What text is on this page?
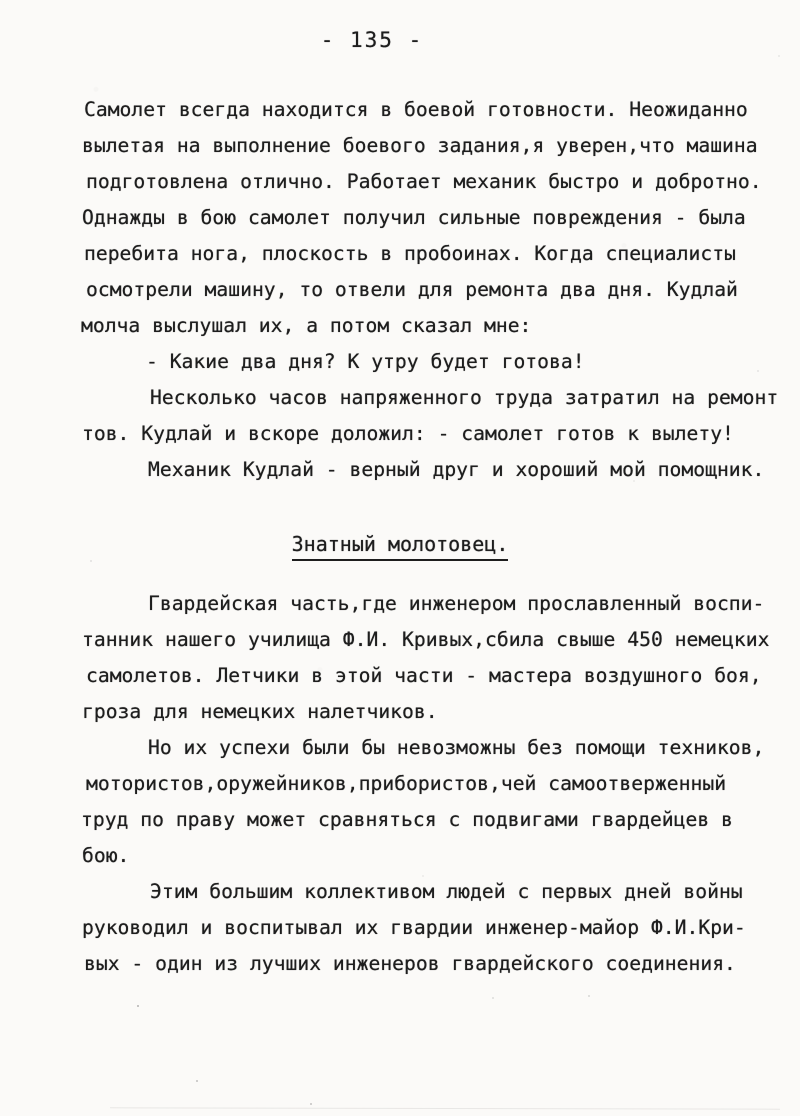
- 135 -
Самолет всегда находится в боевой готовности. Неожиданно
вылетая на выполнение боевого задания,я уверен,что машина
подготовлена отлично. Работает механик быстро и добротно.
Однажды в бою самолет получил сильные повреждения - была
перебита нога, плоскость в пробоинах. Когда специалисты
осмотрели машину, то отвели для ремонта два дня. Кудлай
молча выслушал их, а потом сказал мне:
- Какие два дня? К утру будет готова!
Несколько часов напряженного труда затратил на ремонт
тов. Кудлай и вскоре доложил: - самолет готов к вылету!
Механик Кудлай - верный друг и хороший мой помощник.
Знатный молотовец.
Гвардейская часть,где инженером прославленный воспи-
танник нашего училища Ф.И. Кривых,сбила свыше 450 немецких
самолетов. Летчики в этой части - мастера воздушного боя,
гроза для немецких налетчиков.
Но их успехи были бы невозможны без помощи техников,
мотористов,оружейников,прибористов,чей самоотверженный
труд по праву может сравняться с подвигами гвардейцев в
бою.
Этим большим коллективом людей с первых дней войны
руководил и воспитывал их гвардии инженер-майор Ф.И.Кри-
вых - один из лучших инженеров гвардейского соединения.
